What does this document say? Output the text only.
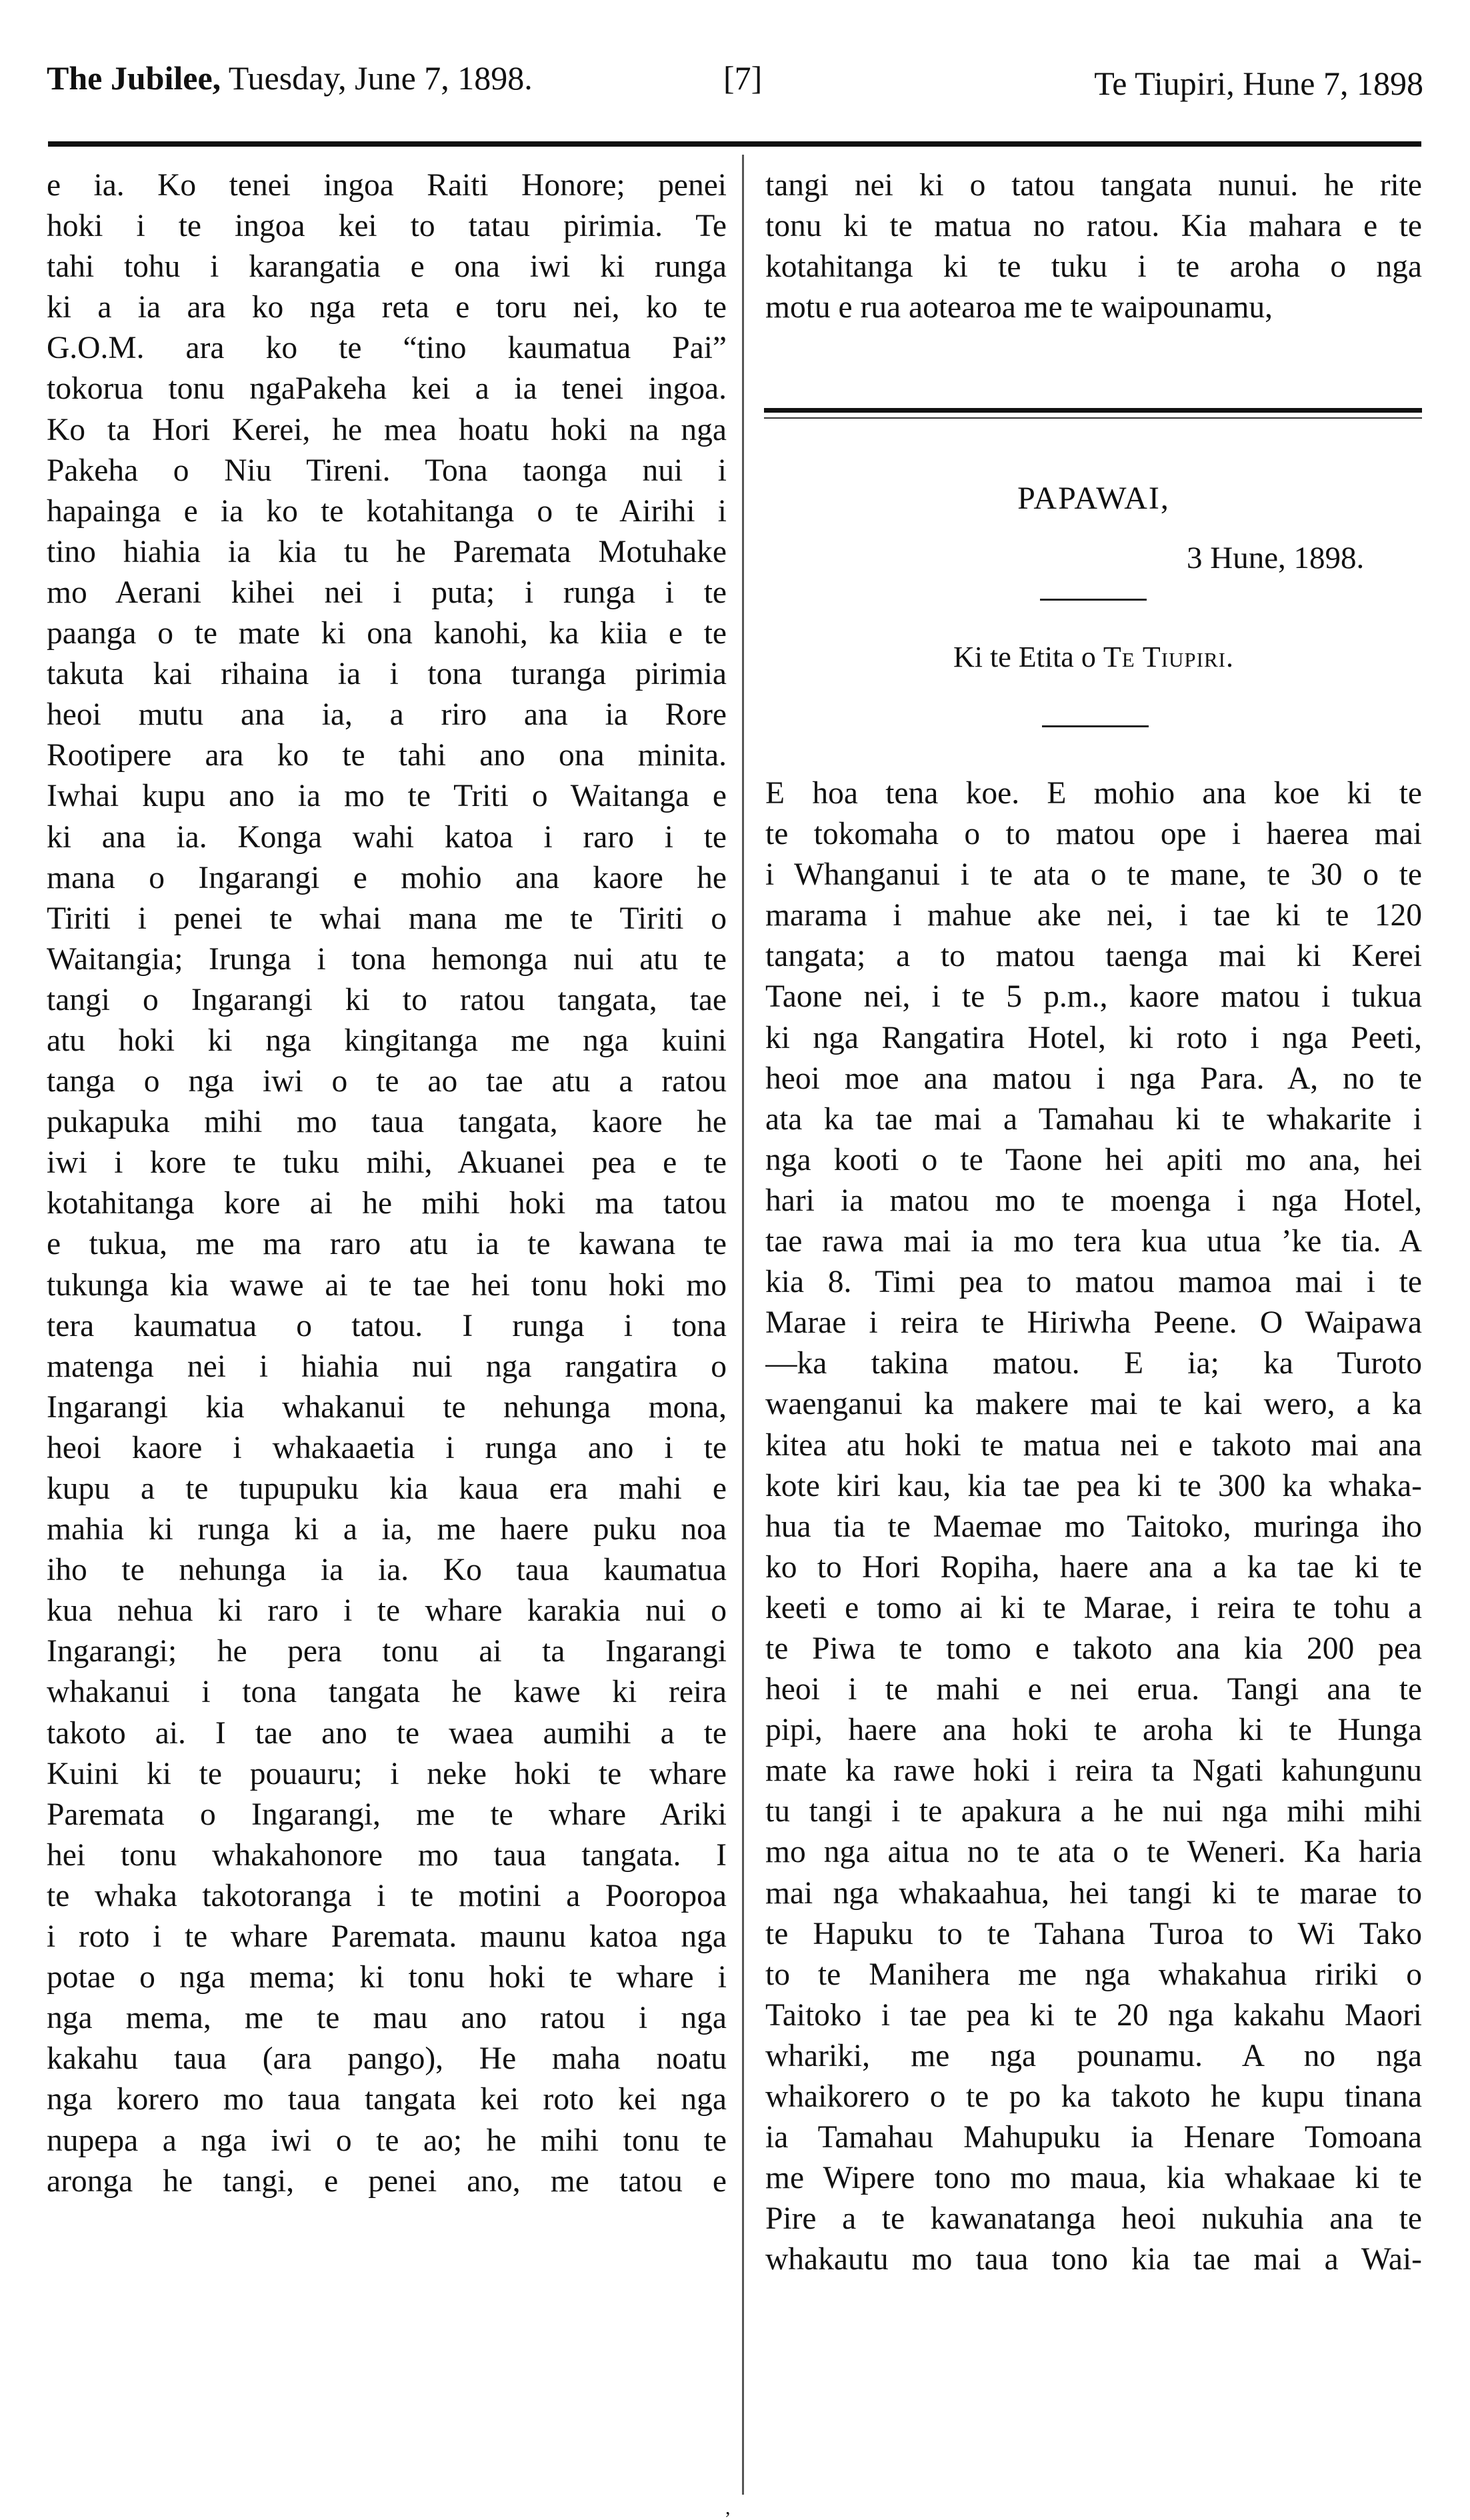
The Jubilee, Tuesday, June 7, 1898.	[7]	Te Tiupiri, Hune 7, 1898
e ia. Ko tenei ingoa Raiti Honore; penei
hoki i te ingoa kei to tatau pirimia. Te
tahi tohu i karangatia e ona iwi ki runga
ki a ia ara ko nga reta e toru nei, ko te
G.O.M. ara ko te “tino kaumatua Pai”
tokorua tonu ngaPakeha kei a ia tenei ingoa.
Ko ta Hori Kerei, he mea hoatu hoki na nga
Pakeha o Niu Tireni. Tona taonga nui i
hapainga e ia ko te kotahitanga o te Airihi i
tino hiahia ia kia tu he Paremata Motuhake
mo Aerani kihei nei i puta; i runga i te
paanga o te mate ki ona kanohi, ka kiia e te
takuta kai rihaina ia i tona turanga pirimia
heoi mutu ana ia, a riro ana ia Rore
Rootipere ara ko te tahi ano ona minita.
Iwhai kupu ano ia mo te Triti o Waitanga e
ki ana ia. Konga wahi katoa i raro i te
mana o Ingarangi e mohio ana kaore he
Tiriti i penei te whai mana me te Tiriti o
Waitangia; Irunga i tona hemonga nui atu te
tangi o Ingarangi ki to ratou tangata, tae
atu hoki ki nga kingitanga me nga kuini
tanga o nga iwi o te ao tae atu a ratou
pukapuka mihi mo taua tangata, kaore he
iwi i kore te tuku mihi, Akuanei pea e te
kotahitanga kore ai he mihi hoki ma tatou
e tukua, me ma raro atu ia te kawana te
tukunga kia wawe ai te tae hei tonu hoki mo
tera kaumatua o tatou. I runga i tona
matenga nei i hiahia nui nga rangatira o
Ingarangi kia whakanui te nehunga mona,
heoi kaore i whakaaetia i runga ano i te
kupu a te tupupuku kia kaua era mahi e
mahia ki runga ki a ia, me haere puku noa
iho te nehunga ia ia. Ko taua kaumatua
kua nehua ki raro i te whare karakia nui o
Ingarangi; he pera tonu ai ta Ingarangi
whakanui i tona tangata he kawe ki reira
takoto ai. I tae ano te waea aumihi a te
Kuini ki te pouauru; i neke hoki te whare
Paremata o Ingarangi, me te whare Ariki
hei tonu whakahonore mo taua tangata. I
te whaka takotoranga i te motini a Pooropoa
i roto i te whare Paremata. maunu katoa nga
potae o nga mema; ki tonu hoki te whare i
nga mema, me te mau ano ratou i nga
kakahu taua (ara pango), He maha noatu
nga korero mo taua tangata kei roto kei nga
nupepa a nga iwi o te ao; he mihi tonu te
aronga he tangi, e penei ano, me tatou e
tangi nei ki o tatou tangata nunui. he rite
tonu ki te matua no ratou. Kia mahara e te
kotahitanga ki te tuku i te aroha o nga
motu e rua aotearoa me te waipounamu,
PAPAWAI,
3 Hune, 1898.
Ki te Etita o Te Tiupiri.
E hoa tena koe. E mohio ana koe ki te
te tokomaha o to matou ope i haerea mai
i Whanganui i te ata o te mane, te 30 o te
marama i mahue ake nei, i tae ki te 120
tangata; a to matou taenga mai ki Kerei
Taone nei, i te 5 p.m., kaore matou i tukua
ki nga Rangatira Hotel, ki roto i nga Peeti,
heoi moe ana matou i nga Para. A, no te
ata ka tae mai a Tamahau ki te whakarite i
nga kooti o te Taone hei apiti mo ana, hei
hari ia matou mo te moenga i nga Hotel,
tae rawa mai ia mo tera kua utua ’ke tia. A
kia 8. Timi pea to matou mamoa mai i te
Marae i reira te Hiriwha Peene. O Waipawa
—ka takina matou. E ia; ka Turoto
waenganui ka makere mai te kai wero, a ka
kitea atu hoki te matua nei e takoto mai ana
kote kiri kau, kia tae pea ki te 300 ka whaka-
hua tia te Maemae mo Taitoko, muringa iho
ko to Hori Ropiha, haere ana a ka tae ki te
keeti e tomo ai ki te Marae, i reira te tohu a
te Piwa te tomo e takoto ana kia 200 pea
heoi i te mahi e nei erua. Tangi ana te
pipi, haere ana hoki te aroha ki te Hunga
mate ka rawe hoki i reira ta Ngati kahungunu
tu tangi i te apakura a he nui nga mihi mihi
mo nga aitua no te ata o te Weneri. Ka haria
mai nga whakaahua, hei tangi ki te marae to
te Hapuku to te Tahana Turoa to Wi Tako
to te Manihera me nga whakahua ririki o
Taitoko i tae pea ki te 20 nga kakahu Maori
whariki, me nga pounamu. A no nga
whaikorero o te po ka takoto he kupu tinana
ia Tamahau Mahupuku ia Henare Tomoana
me Wipere tono mo maua, kia whakaae ki te
Pire a te kawanatanga heoi nukuhia ana te
whakautu mo taua tono kia tae mai a Wai-
,
